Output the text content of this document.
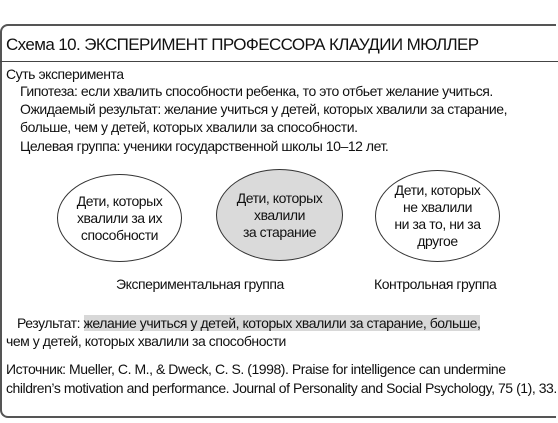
Схема 10. ЭКСПЕРИМЕНТ ПРОФЕССОРА КЛАУДИИ МЮЛЛЕР
Суть эксперимента
Гипотеза: если хвалить способности ребенка, то это отбьет желание учиться.
Ожидаемый результат: желание учиться у детей, которых хвалили за старание,
больше, чем у детей, которых хвалили за способности.
Целевая группа: ученики государственной школы 10–12 лет.
Дети, которых
хвалили за их
способности
Дети, которых
хвалили
за старание
Дети, которых
не хвалили
ни за то, ни за
другое
Экспериментальная группа	Контрольная группа
Результат: желание учиться у детей, которых хвалили за старание, больше,
чем у детей, которых хвалили за способности
Источник: Mueller, C. M., & Dweck, C. S. (1998). Praise for intelligence can undermine
children’s motivation and performance. Journal of Personality and Social Psychology, 75 (1), 33.
